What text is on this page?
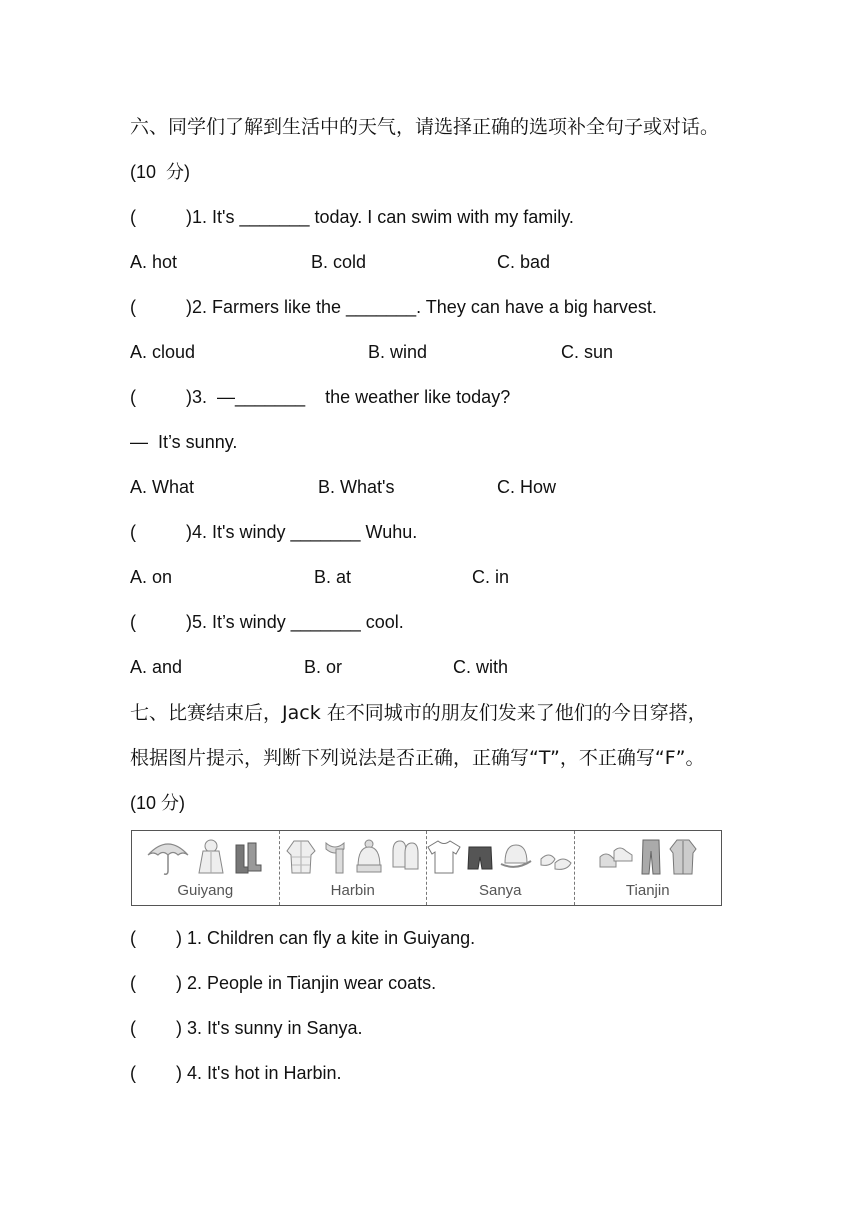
六、同学们了解到生活中的天气，请选择正确的选项补全句子或对话。
(10  分)
(          )1. It's _______ today. I can swim with my family.
A. hot	B. cold	C. bad
(          )2. Farmers like the _______. They can have a big harvest.
A. cloud	B. wind	C. sun
(          )3.  —_______    the weather like today?
—  It’s sunny.
A. What	B. What's	C. How
(          )4. It's windy _______ Wuhu.
A. on	B. at	C. in
(          )5. It’s windy _______ cool.
A. and	B. or	C. with
七、比赛结束后，Jack 在不同城市的朋友们发来了他们的今日穿搭，
根据图片提示，判断下列说法是否正确，正确写“T”，不正确写“F”。
(10 分)
Guiyang	Harbin	Sanya	Tianjin
(        ) 1. Children can fly a kite in Guiyang.
(        ) 2. People in Tianjin wear coats.
(        ) 3. It's sunny in Sanya.
(        ) 4. It's hot in Harbin.
